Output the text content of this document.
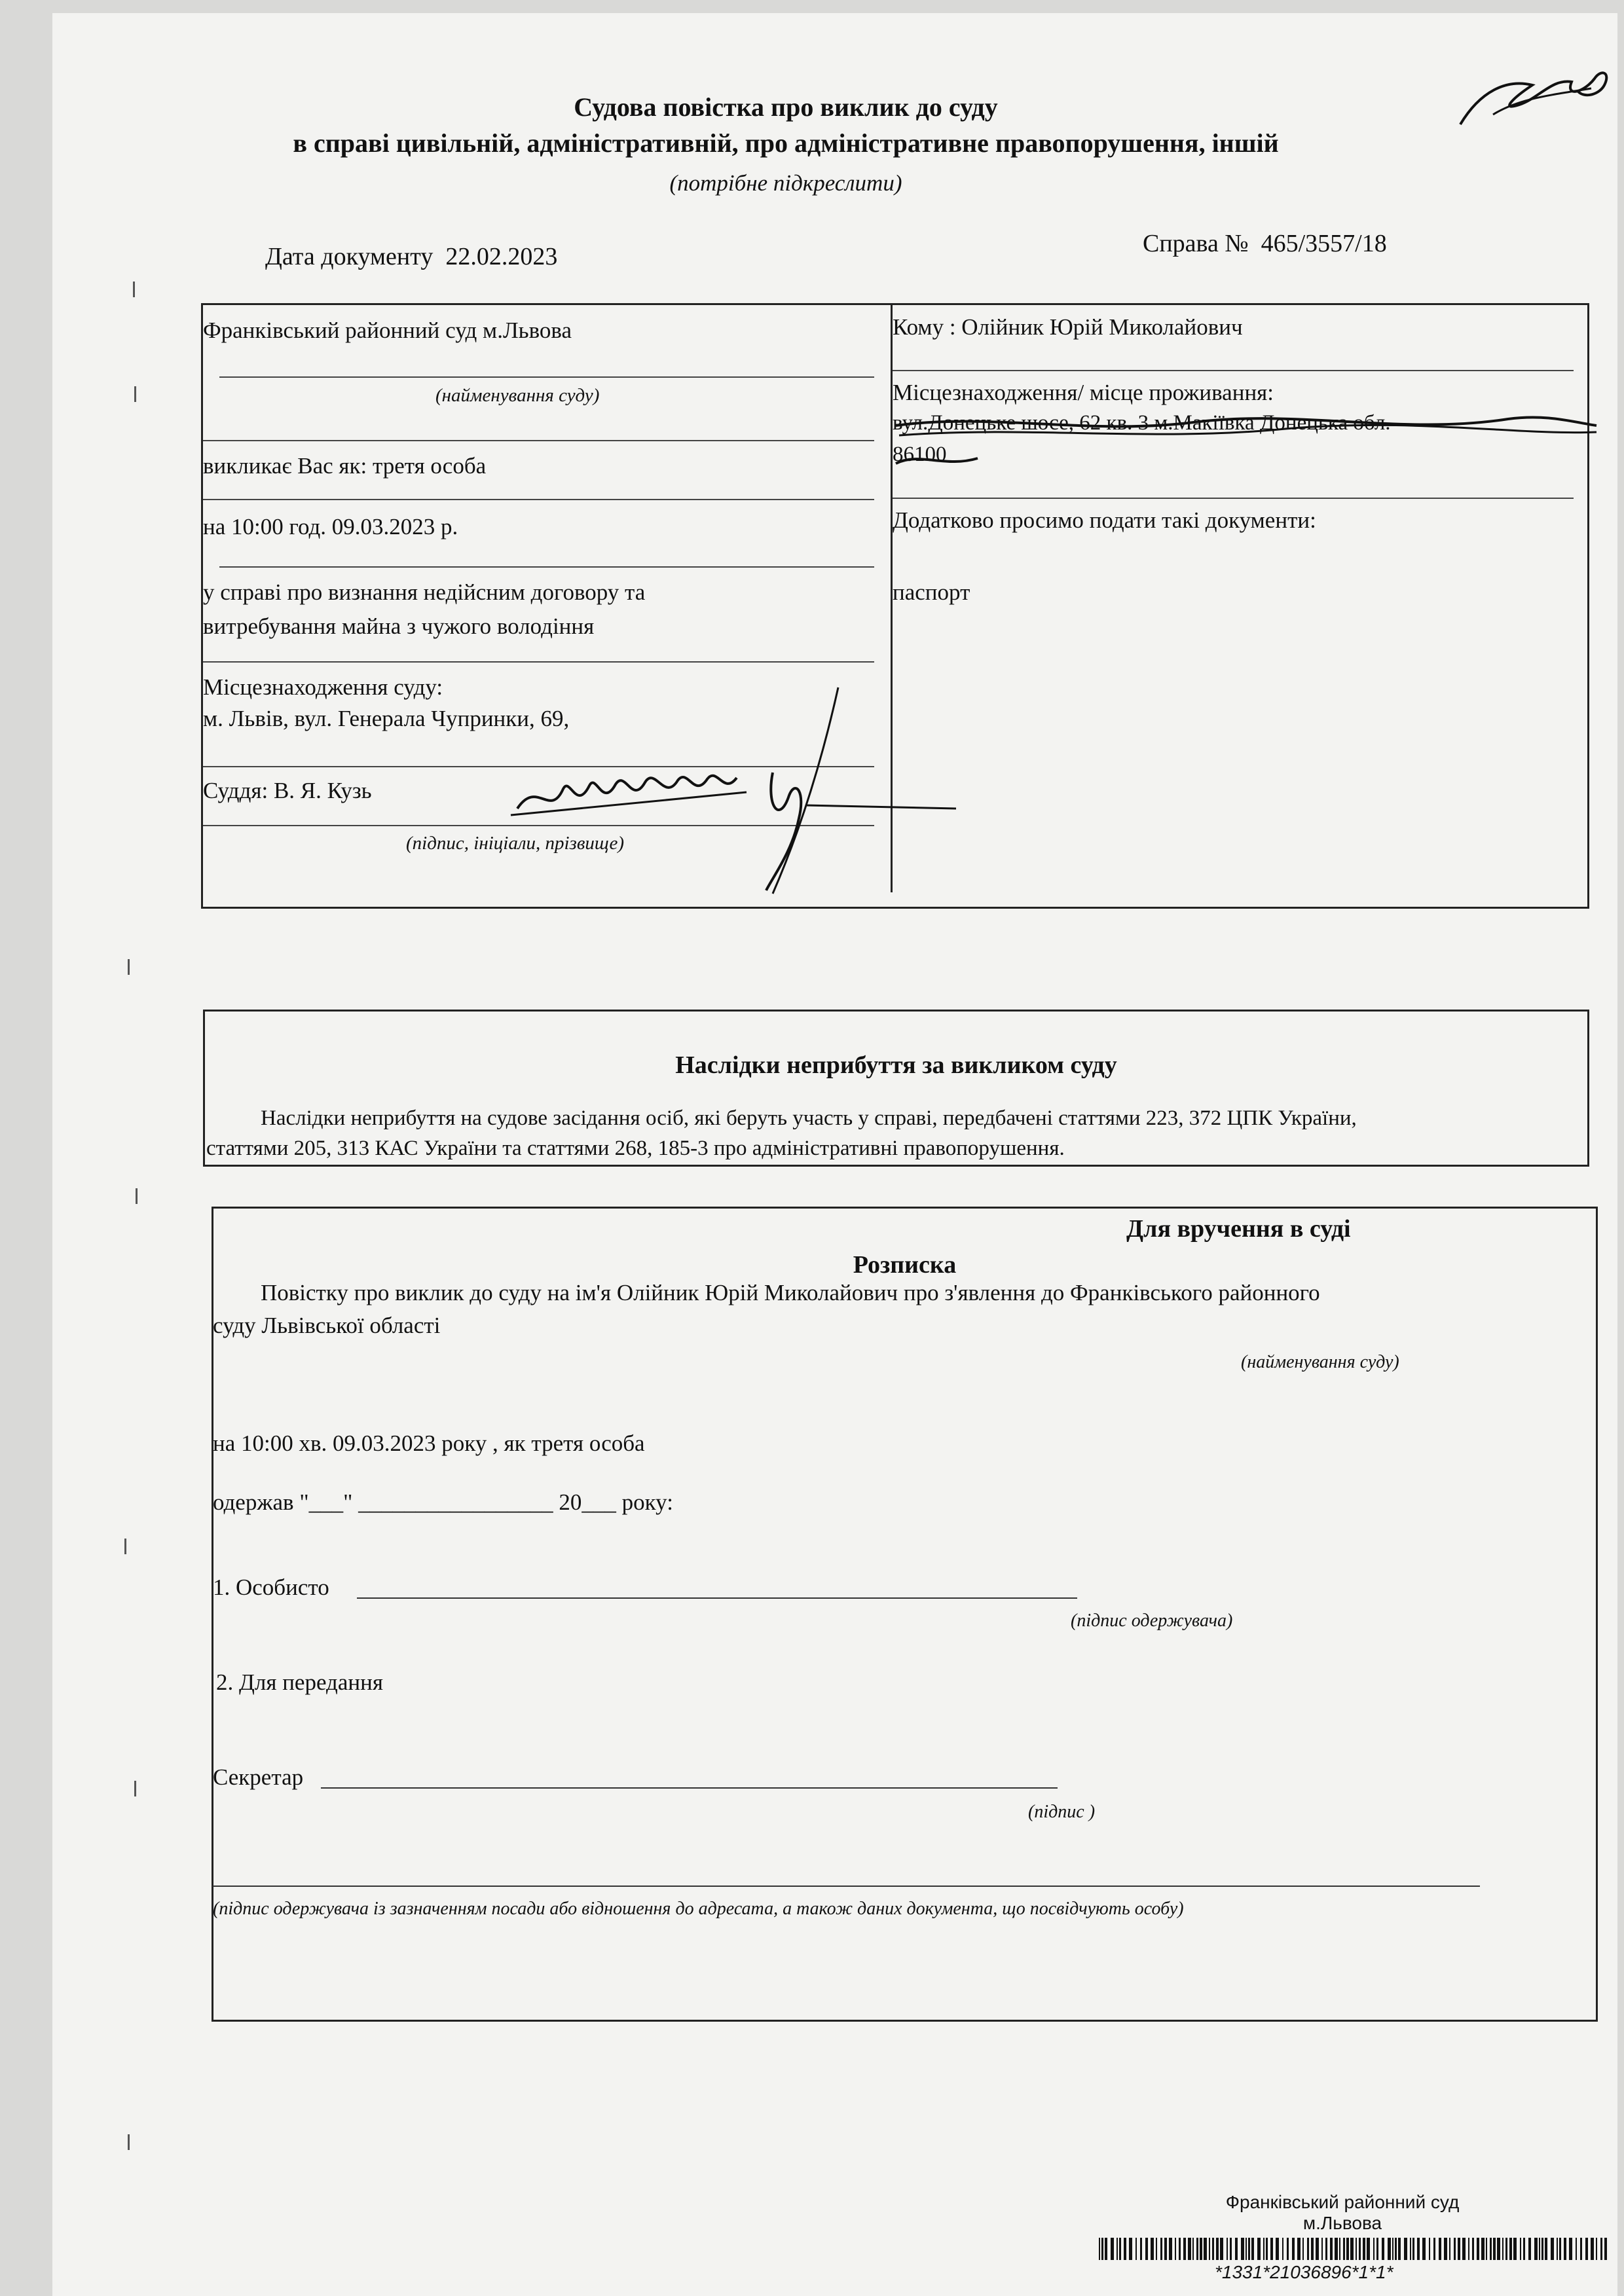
Судова повістка про виклик до суду
в справі цивільній, адміністративній, про адміністративне правопорушення, іншій
(потрібне підкреслити)
Дата документу 22.02.2023	Справа № 465/3557/18
Франківський районний суд м.Львова
(найменування суду)
викликає Вас як: третя особа
на 10:00 год. 09.03.2023 р.
у справі про визнання недійсним договору та
витребування майна з чужого володіння
Місцезнаходження суду:
м. Львів, вул. Генерала Чупринки, 69,
Суддя: В. Я. Кузь
(підпис, ініціали, прізвище)
Кому : Олійник Юрій Миколайович
Місцезнаходження/ місце проживання:
вул.Донецьке шосе, 62 кв. 3 м.Макіївка Донецька обл.
86100
Додатково просимо подати такі документи:
паспорт
Наслідки неприбуття за викликом суду
Наслідки неприбуття на судове засідання осіб, які беруть участь у справі, передбачені статтями 223, 372 ЦПК України,
статтями 205, 313 КАС України та статтями 268, 185-3 про адміністративні правопорушення.
Для вручення в суді
Розписка
Повістку про виклик до суду на ім'я Олійник Юрій Миколайович про з'явлення до Франківського районного
суду Львівської області
(найменування суду)
на 10:00 хв. 09.03.2023 року , як третя особа
одержав "___" _________________ 20___ року:
1. Особисто
(підпис одержувача)
2. Для передання
Секретар
(підпис )
(підпис одержувача із зазначенням посади або відношення до адресата, а також даних документа, що посвідчують особу)
Франківський районний суд
м.Львова
*1331*21036896*1*1*
